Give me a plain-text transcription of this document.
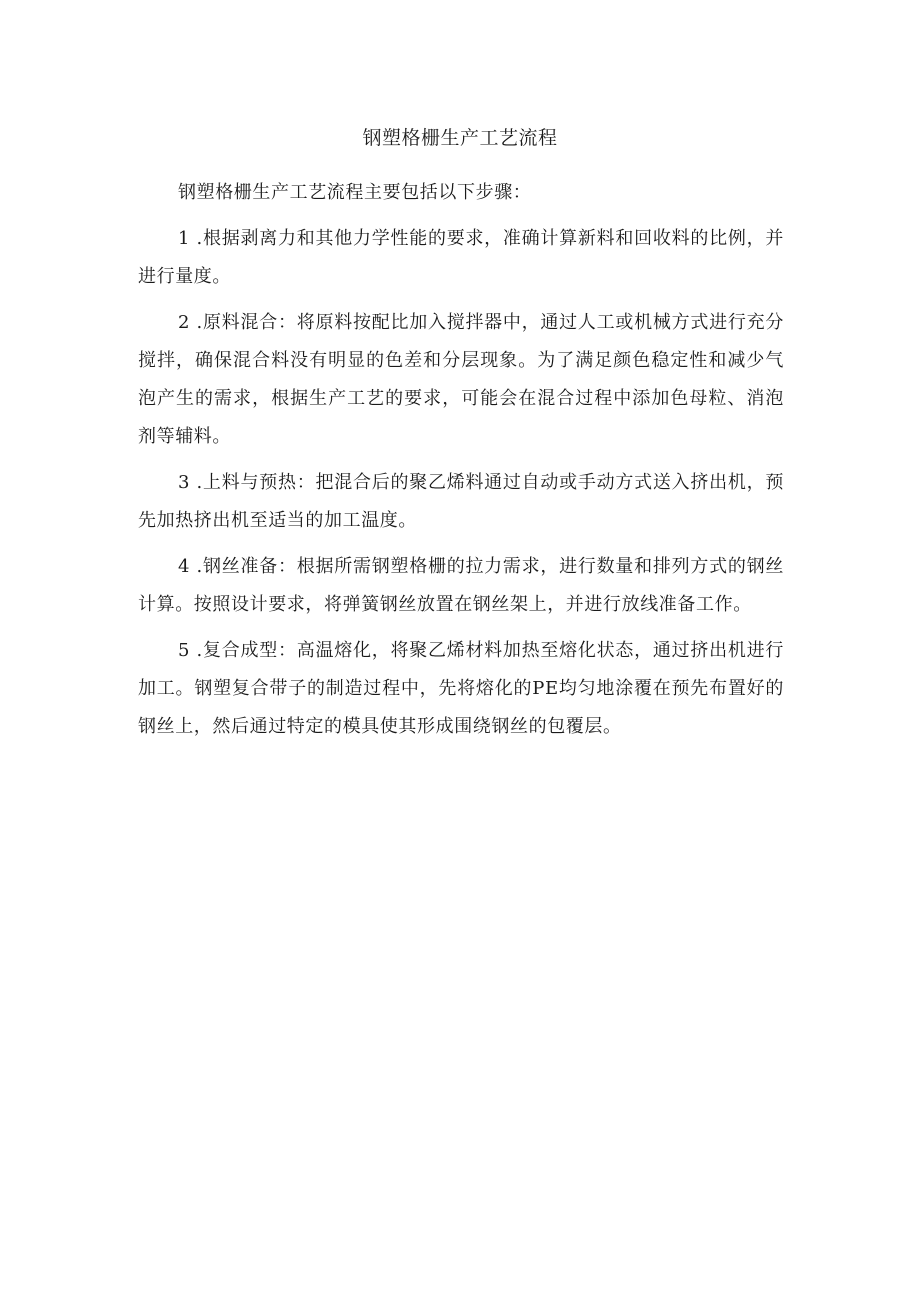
钢塑格栅生产工艺流程

钢塑格栅生产工艺流程主要包括以下步骤：

1 .根据剥离力和其他力学性能的要求，准确计算新料和回收料的比例，并进行量度。

2 .原料混合：将原料按配比加入搅拌器中，通过人工或机械方式进行充分搅拌，确保混合料没有明显的色差和分层现象。为了满足颜色稳定性和减少气泡产生的需求，根据生产工艺的要求，可能会在混合过程中添加色母粒、消泡剂等辅料。

3 .上料与预热：把混合后的聚乙烯料通过自动或手动方式送入挤出机，预先加热挤出机至适当的加工温度。

4 .钢丝准备：根据所需钢塑格栅的拉力需求，进行数量和排列方式的钢丝计算。按照设计要求，将弹簧钢丝放置在钢丝架上，并进行放线准备工作。

5 .复合成型：高温熔化，将聚乙烯材料加热至熔化状态，通过挤出机进行加工。钢塑复合带子的制造过程中，先将熔化的PE均匀地涂覆在预先布置好的钢丝上，然后通过特定的模具使其形成围绕钢丝的包覆层。
